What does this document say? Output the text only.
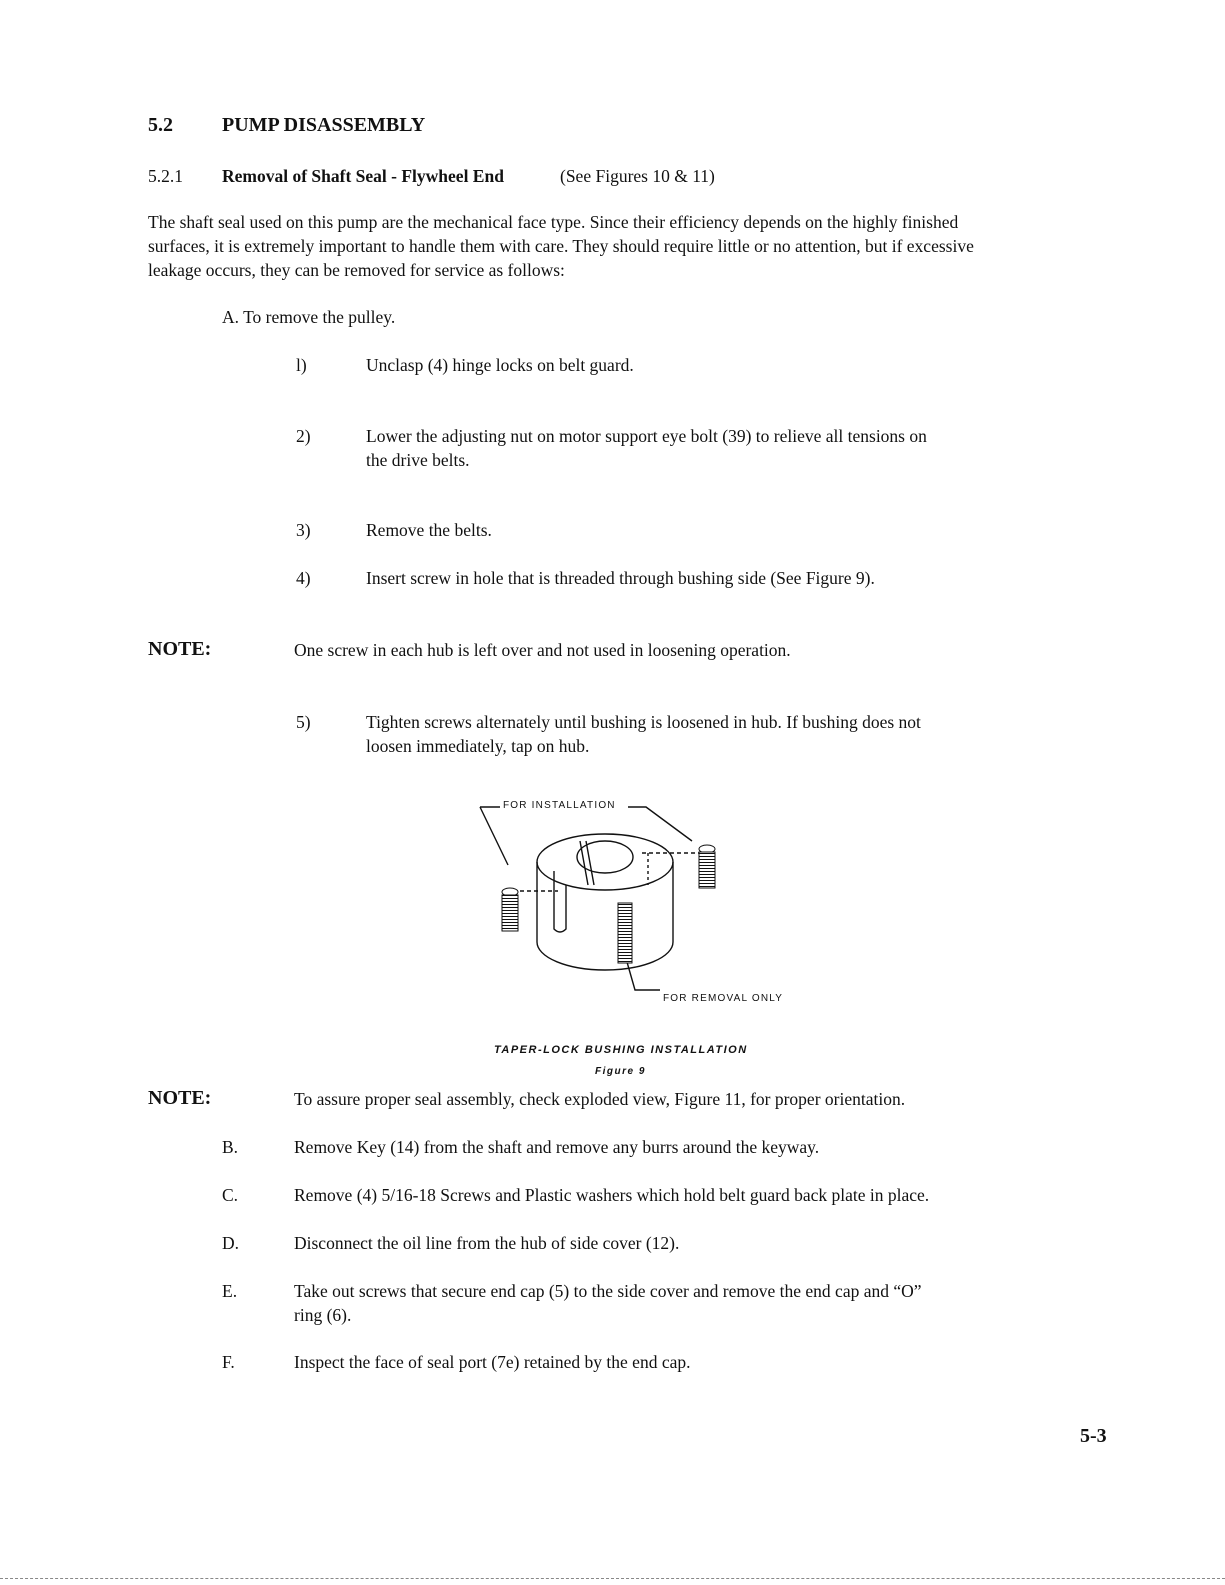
5.2 PUMP DISASSEMBLY
5.2.1 Removal of Shaft Seal - Flywheel End	(See Figures 10 & 11)
The shaft seal used on this pump are the mechanical face type. Since their efficiency depends on the highly finished
surfaces, it is extremely important to handle them with care. They should require little or no attention, but if excessive
leakage occurs, they can be removed for service as follows:
A. To remove the pulley.
l)	Unclasp (4) hinge locks on belt guard.
2)	Lower the adjusting nut on motor support eye bolt (39) to relieve all tensions on
the drive belts.
3)	Remove the belts.
4)	Insert screw in hole that is threaded through bushing side (See Figure 9).
NOTE:	One screw in each hub is left over and not used in loosening operation.
5)	Tighten screws alternately until bushing is loosened in hub. If bushing does not
loosen immediately, tap on hub.
FOR INSTALLATION
FOR REMOVAL ONLY
TAPER-LOCK BUSHING INSTALLATION
Figure 9
NOTE:	To assure proper seal assembly, check exploded view, Figure 11, for proper orientation.
B.	Remove Key (14) from the shaft and remove any burrs around the keyway.
C.	Remove (4) 5/16-18 Screws and Plastic washers which hold belt guard back plate in place.
D.	Disconnect the oil line from the hub of side cover (12).
E.	Take out screws that secure end cap (5) to the side cover and remove the end cap and “O”
ring (6).
F.	Inspect the face of seal port (7e) retained by the end cap.
5-3
